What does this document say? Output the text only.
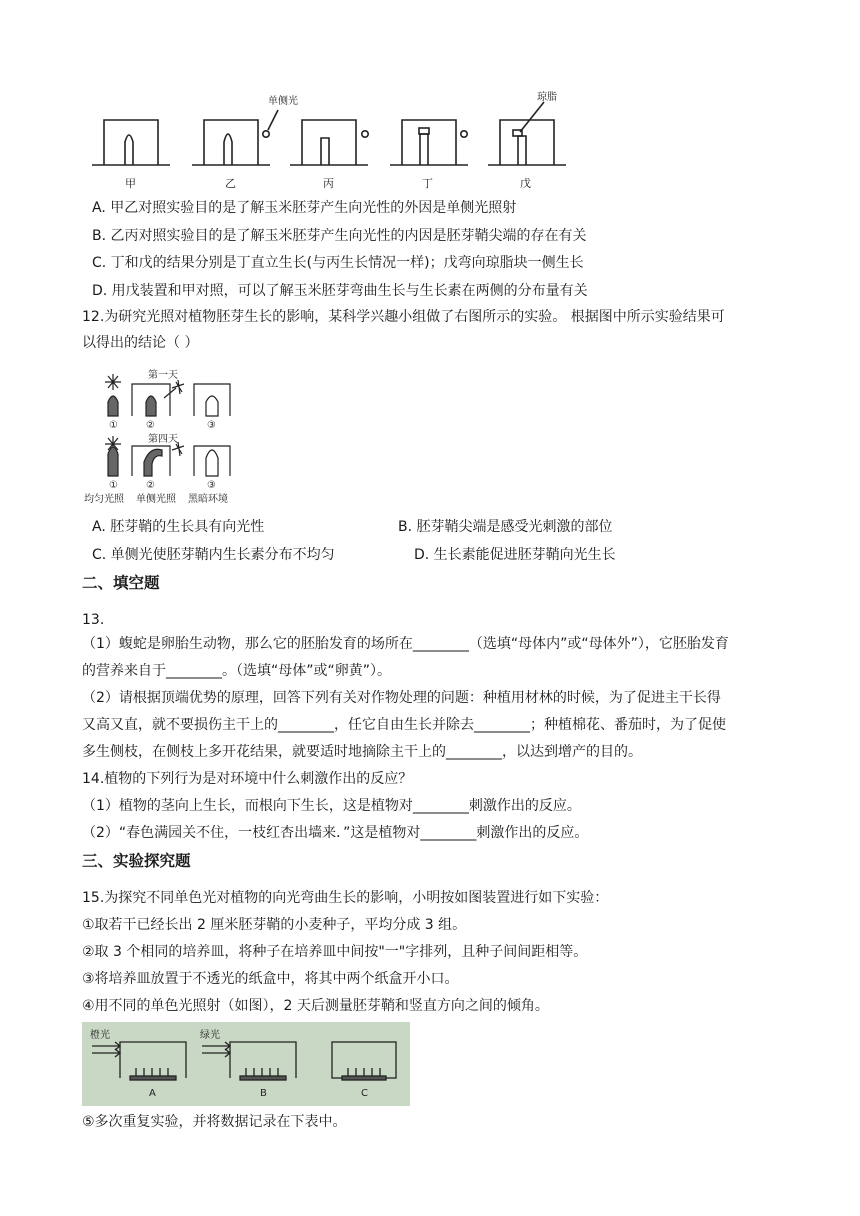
单侧光	琼脂
甲	乙	丙	丁	戊
A. 甲乙对照实验目的是了解玉米胚芽产生向光性的外因是单侧光照射
B. 乙丙对照实验目的是了解玉米胚芽产生向光性的内因是胚芽鞘尖端的存在有关
C. 丁和戊的结果分别是丁直立生长(与丙生长情况一样)；戊弯向琼脂块一侧生长
D. 用戊装置和甲对照，可以了解玉米胚芽弯曲生长与生长素在两侧的分布量有关
12.为研究光照对植物胚芽生长的影响，某科学兴趣小组做了右图所示的实验。 根据图中所示实验结果可
以得出的结论（ ）
第一天
第四天
①	②	③
①	②	③
均匀光照 单侧光照 黑暗环境
A. 胚芽鞘的生长具有向光性	B. 胚芽鞘尖端是感受光刺激的部位
C. 单侧光使胚芽鞘内生长素分布不均匀	D. 生长素能促进胚芽鞘向光生长
二、填空题
13.
（1）蝮蛇是卵胎生动物，那么它的胚胎发育的场所在________（选填“母体内”或“母体外”），它胚胎发育
的营养来自于________。（选填“母体”或“卵黄”）。
（2）请根据顶端优势的原理，回答下列有关对作物处理的问题：种植用材林的时候，为了促进主干长得
又高又直，就不要损伤主干上的________，任它自由生长并除去________；种植棉花、番茄时，为了促使
多生侧枝，在侧枝上多开花结果，就要适时地摘除主干上的________，以达到增产的目的。
14.植物的下列行为是对环境中什么刺激作出的反应？
（1）植物的茎向上生长，而根向下生长，这是植物对________刺激作出的反应。
（2）“春色满园关不住，一枝红杏出墙来．”这是植物对________刺激作出的反应。
三、实验探究题
15.为探究不同单色光对植物的向光弯曲生长的影响，小明按如图装置进行如下实验：
①取若干已经长出 2 厘米胚芽鞘的小麦种子，平均分成 3 组。
②取 3 个相同的培养皿，将种子在培养皿中间按"一"字排列，且种子间间距相等。
③将培养皿放置于不透光的纸盒中，将其中两个纸盒开小口。
④用不同的单色光照射（如图），2 天后测量胚芽鞘和竖直方向之间的倾角。
橙光	绿光
A	B	C
⑤多次重复实验，并将数据记录在下表中。
